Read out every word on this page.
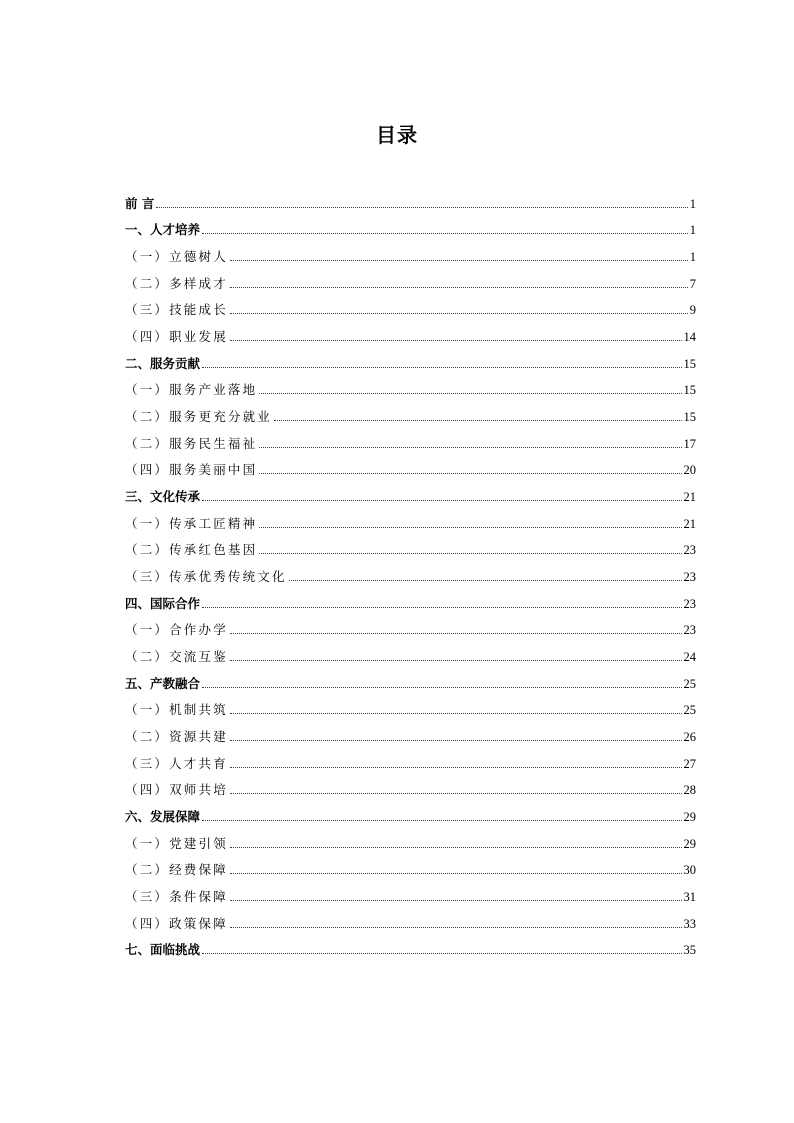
目录
前 言	1
一、人才培养	1
（一）立德树人	1
（二）多样成才	7
（三）技能成长	9
（四）职业发展	14
二、服务贡献	15
（一）服务产业落地	15
（二）服务更充分就业	15
（二）服务民生福祉	17
（四）服务美丽中国	20
三、文化传承	21
（一）传承工匠精神	21
（二）传承红色基因	23
（三）传承优秀传统文化	23
四、国际合作	23
（一）合作办学	23
（二）交流互鉴	24
五、产教融合	25
（一）机制共筑	25
（二）资源共建	26
（三）人才共育	27
（四）双师共培	28
六、发展保障	29
（一）党建引领	29
（二）经费保障	30
（三）条件保障	31
（四）政策保障	33
七、面临挑战	35
